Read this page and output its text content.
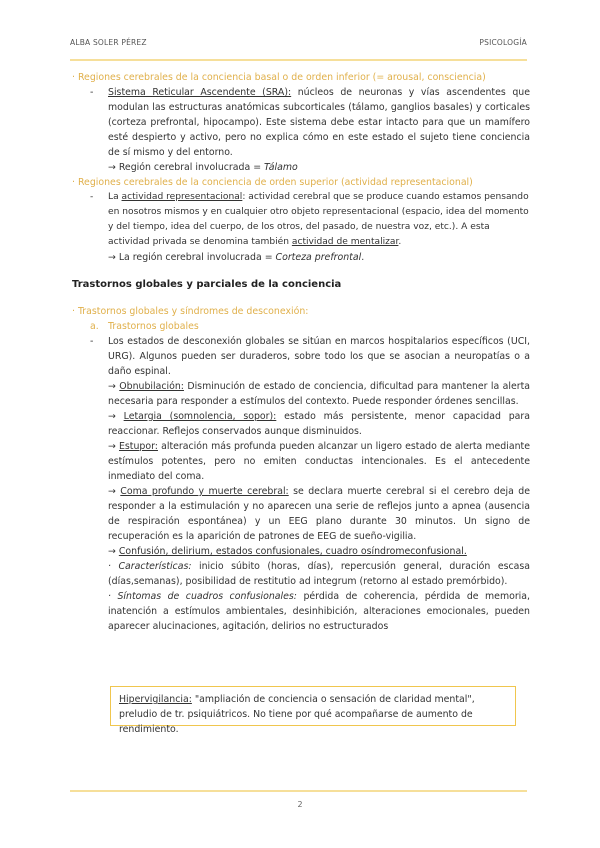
ALBA SOLER PÉREZ	PSICOLOGÍA

· Regiones cerebrales de la conciencia basal o de orden inferior (= arousal, consciencia)

- Sistema Reticular Ascendente (SRA): núcleos de neuronas y vías ascendentes que modulan las estructuras anatómicas subcorticales (tálamo, ganglios basales) y corticales (corteza prefrontal, hipocampo). Este sistema debe estar intacto para que un mamífero esté despierto y activo, pero no explica cómo en este estado el sujeto tiene conciencia de sí mismo y del entorno.
→ Región cerebral involucrada = Tálamo

· Regiones cerebrales de la conciencia de orden superior (actividad representacional)

- La actividad representacional: actividad cerebral que se produce cuando estamos pensando en nosotros mismos y en cualquier otro objeto representacional (espacio, idea del momento y del tiempo, idea del cuerpo, de los otros, del pasado, de nuestra voz, etc.). A esta actividad privada se denomina también actividad de mentalizar.
→ La región cerebral involucrada = Corteza prefrontal.
Trastornos globales y parciales de la conciencia

· Trastornos globales y síndromes de desconexión:

a. Trastornos globales
- Los estados de desconexión globales se sitúan en marcos hospitalarios específicos (UCI, URG). Algunos pueden ser duraderos, sobre todo los que se asocian a neuropatías o a daño espinal.
→ Obnubilación: Disminución de estado de conciencia, dificultad para mantener la alerta necesaria para responder a estímulos del contexto. Puede responder órdenes sencillas.
→ Letargia (somnolencia, sopor): estado más persistente, menor capacidad para reaccionar. Reflejos conservados aunque disminuidos.
→ Estupor: alteración más profunda pueden alcanzar un ligero estado de alerta mediante estímulos potentes, pero no emiten conductas intencionales. Es el antecedente inmediato del coma.
→ Coma profundo y muerte cerebral: se declara muerte cerebral si el cerebro deja de responder a la estimulación y no aparecen una serie de reflejos junto a apnea (ausencia de respiración espontánea) y un EEG plano durante 30 minutos. Un signo de recuperación es la aparición de patrones de EEG de sueño-vigilia.
→ Confusión, delirium, estados confusionales, cuadro osíndromeconfusional.
· Características: inicio súbito (horas, días), repercusión general, duración escasa (días,semanas), posibilidad de restitutio ad integrum (retorno al estado premórbido).
· Síntomas de cuadros confusionales: pérdida de coherencia, pérdida de memoria, inatención a estímulos ambientales, desinhibición, alteraciones emocionales, pueden aparecer alucinaciones, agitación, delirios no estructurados
Hipervigilancia: "ampliación de conciencia o sensación de claridad mental", preludio de tr. psiquiátricos. No tiene por qué acompañarse de aumento de rendimiento.
2
